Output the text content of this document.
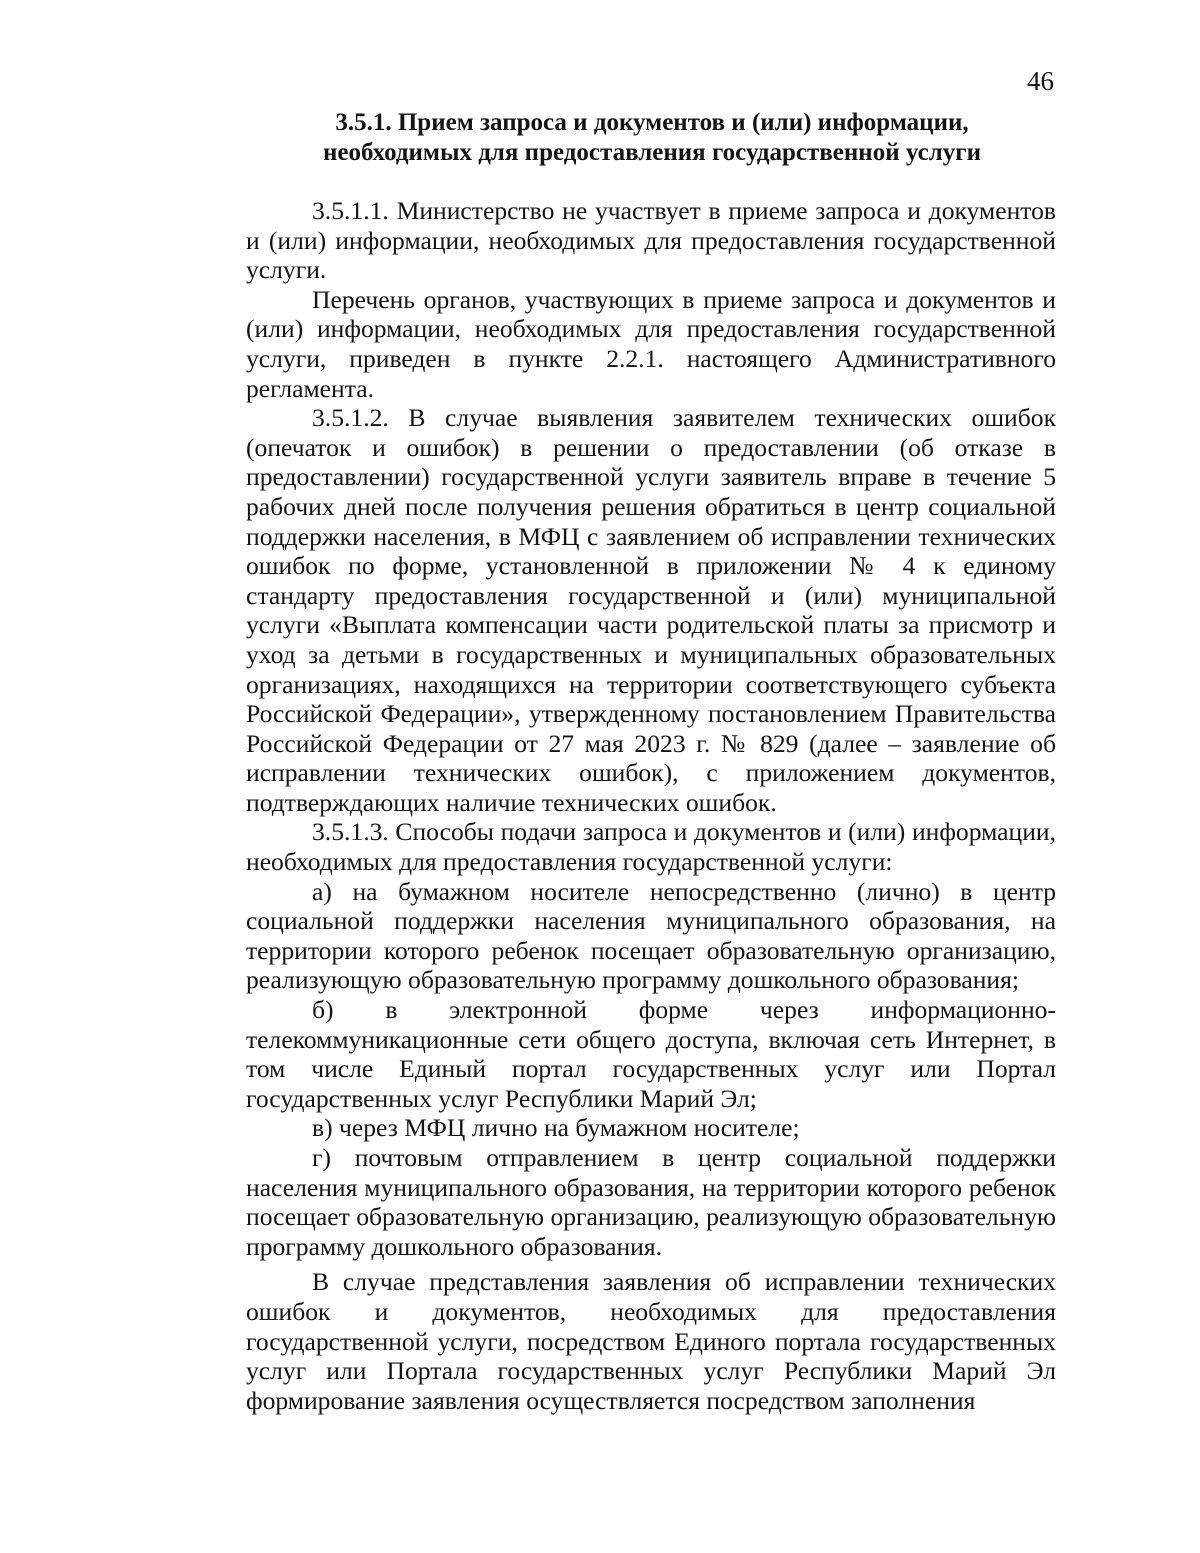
46
3.5.1. Прием запроса и документов и (или) информации,
необходимых для предоставления государственной услуги

3.5.1.1. Министерство не участвует в приеме запроса и документов и (или) информации, необходимых для предоставления государственной услуги.

Перечень органов, участвующих в приеме запроса и документов и (или) информации, необходимых для предоставления государственной услуги, приведен в пункте 2.2.1. настоящего Административного регламента.

3.5.1.2. В случае выявления заявителем технических ошибок (опечаток и ошибок) в решении о предоставлении (об отказе в предоставлении) государственной услуги заявитель вправе в течение 5 рабочих дней после получения решения обратиться в центр социальной поддержки населения, в МФЦ с заявлением об исправлении технических ошибок по форме, установленной в приложении № 4 к единому стандарту предоставления государственной и (или) муниципальной услуги «Выплата компенсации части родительской платы за присмотр и уход за детьми в государственных и муниципальных образовательных организациях, находящихся на территории соответствующего субъекта Российской Федерации», утвержденному постановлением Правительства Российской Федерации от 27 мая 2023 г. № 829 (далее – заявление об исправлении технических ошибок), с приложением документов, подтверждающих наличие технических ошибок.

3.5.1.3. Способы подачи запроса и документов и (или) информации, необходимых для предоставления государственной услуги:

а) на бумажном носителе непосредственно (лично) в центр социальной поддержки населения муниципального образования, на территории которого ребенок посещает образовательную организацию, реализующую образовательную программу дошкольного образования;

б) в электронной форме через информационно-телекоммуникационные сети общего доступа, включая сеть Интернет, в том числе Единый портал государственных услуг или Портал государственных услуг Республики Марий Эл;

в) через МФЦ лично на бумажном носителе;

г) почтовым отправлением в центр социальной поддержки населения муниципального образования, на территории которого ребенок посещает образовательную организацию, реализующую образовательную программу дошкольного образования.

В случае представления заявления об исправлении технических ошибок и документов, необходимых для предоставления государственной услуги, посредством Единого портала государственных услуг или Портала государственных услуг Республики Марий Эл формирование заявления осуществляется посредством заполнения
